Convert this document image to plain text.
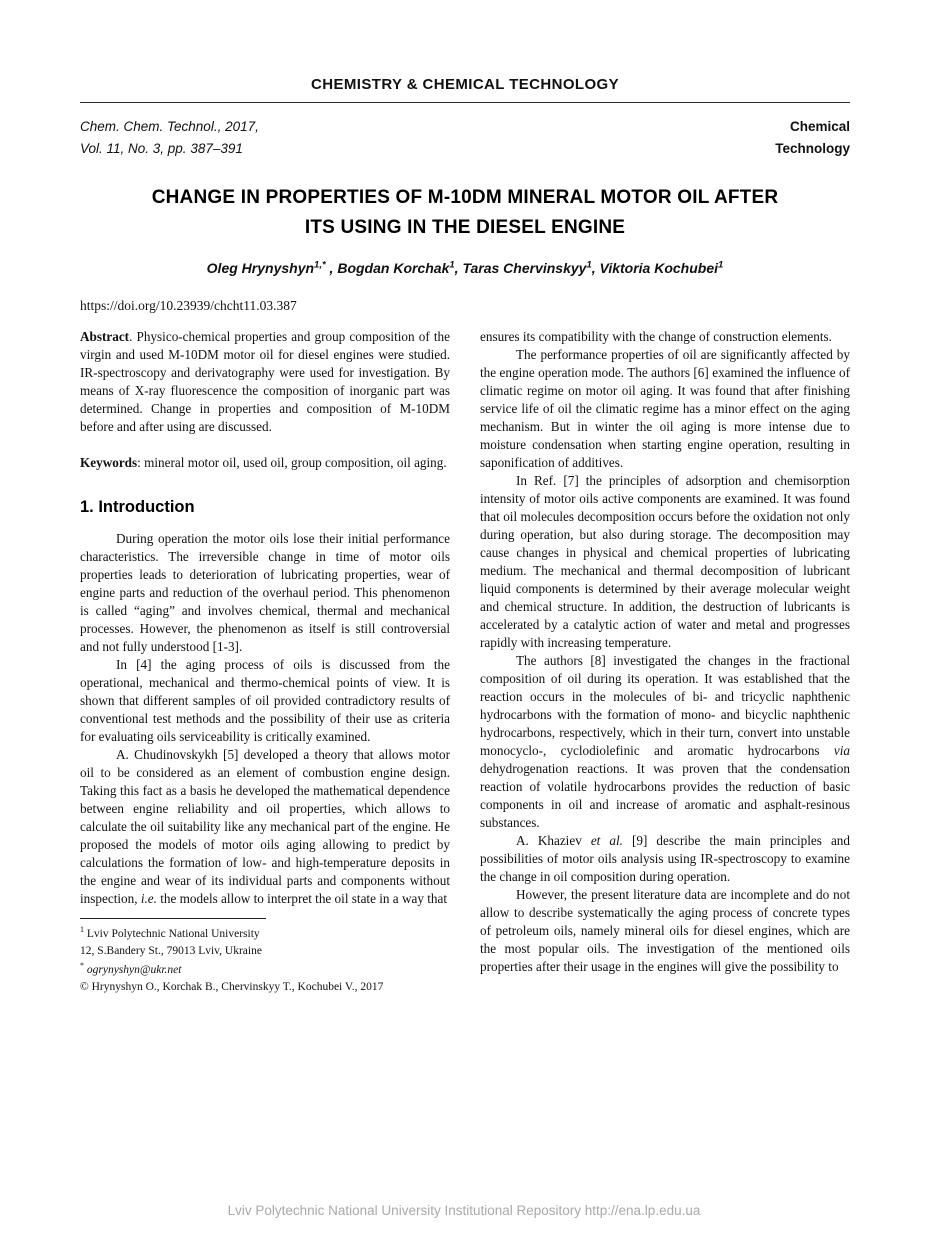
CHEMISTRY & CHEMICAL TECHNOLOGY
Chem. Chem. Technol., 2017,
Vol. 11, No. 3, pp. 387–391
Chemical
Technology
CHANGE IN PROPERTIES OF M-10DM MINERAL MOTOR OIL AFTER
ITS USING IN THE DIESEL ENGINE
Oleg Hrynyshyn$^{1,*}$ , Bogdan Korchak$^1$, Taras Chervinskyy$^1$, Viktoria Kochubei$^1$
https://doi.org/10.23939/chcht11.03.387

Abstract. Physico-chemical properties and group composition of the virgin and used M-10DM motor oil for diesel engines were studied. IR-spectroscopy and derivatography were used for investigation. By means of X-ray fluorescence the composition of inorganic part was determined. Change in properties and composition of M-10DM before and after using are discussed.

Keywords: mineral motor oil, used oil, group composition, oil aging.

1. Introduction

During operation the motor oils lose their initial performance characteristics. The irreversible change in time of motor oils properties leads to deterioration of lubricating properties, wear of engine parts and reduction of the overhaul period. This phenomenon is called “aging” and involves chemical, thermal and mechanical processes. However, the phenomenon as itself is still controversial and not fully understood [1-3].

In [4] the aging process of oils is discussed from the operational, mechanical and thermo-chemical points of view. It is shown that different samples of oil provided contradictory results of conventional test methods and the possibility of their use as criteria for evaluating oils serviceability is critically examined.

A. Chudinovskykh [5] developed a theory that allows motor oil to be considered as an element of combustion engine design. Taking this fact as a basis he developed the mathematical dependence between engine reliability and oil properties, which allows to calculate the oil suitability like any mechanical part of the engine. He proposed the models of motor oils aging allowing to predict by calculations the formation of low- and high-temperature deposits in the engine and wear of its individual parts and components without inspection, i.e. the models allow to interpret the oil state in a way that

$^1$ Lviv Polytechnic National University
12, S.Bandery St., 79013 Lviv, Ukraine
* ogrynyshyn@ukr.net
© Hrynyshyn O., Korchak B., Chervinskyy T., Kochubei V., 2017

ensures its compatibility with the change of construction elements.

The performance properties of oil are significantly affected by the engine operation mode. The authors [6] examined the influence of climatic regime on motor oil aging. It was found that after finishing service life of oil the climatic regime has a minor effect on the aging mechanism. But in winter the oil aging is more intense due to moisture condensation when starting engine operation, resulting in saponification of additives.

In Ref. [7] the principles of adsorption and chemisorption intensity of motor oils active components are examined. It was found that oil molecules decomposition occurs before the oxidation not only during operation, but also during storage. The decomposition may cause changes in physical and chemical properties of lubricating medium. The mechanical and thermal decomposition of lubricant liquid components is determined by their average molecular weight and chemical structure. In addition, the destruction of lubricants is accelerated by a catalytic action of water and metal and progresses rapidly with increasing temperature.

The authors [8] investigated the changes in the fractional composition of oil during its operation. It was established that the reaction occurs in the molecules of bi- and tricyclic naphthenic hydrocarbons with the formation of mono- and bicyclic naphthenic hydrocarbons, respectively, which in their turn, convert into unstable monocyclo-, cyclodiolefinic and aromatic hydrocarbons via dehydrogenation reactions. It was proven that the condensation reaction of volatile hydrocarbons provides the reduction of basic components in oil and increase of aromatic and asphalt-resinous substances.

A. Khaziev et al. [9] describe the main principles and possibilities of motor oils analysis using IR-spectroscopy to examine the change in oil composition during operation.

However, the present literature data are incomplete and do not allow to describe systematically the aging process of concrete types of petroleum oils, namely mineral oils for diesel engines, which are the most popular oils. The investigation of the mentioned oils properties after their usage in the engines will give the possibility to

Lviv Polytechnic National University Institutional Repository http://ena.lp.edu.ua
